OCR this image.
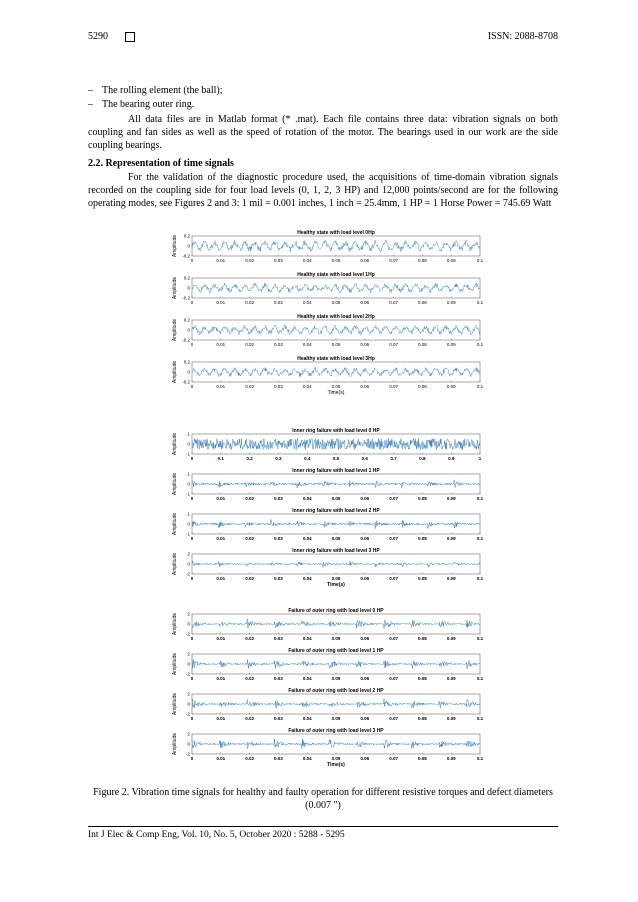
5290	ISSN: 2088-8708
– The rolling element (the ball);
– The bearing outer ring.
All data files are in Matlab format (* .mat). Each file contains three data: vibration signals on both coupling and fan sides as well as the speed of rotation of the motor. The bearings used in our work are the side coupling bearings.
2.2. Representation of time signals
For the validation of the diagnostic procedure used, the acquisitions of time-domain vibration signals recorded on the coupling side for four load levels (0, 1, 2, 3 HP) and 12,000 points/second are for the following operating modes, see Figures 2 and 3: 1 mil = 0.001 inches, 1 inch = 25.4mm, 1 HP = 1 Horse Power = 745.69 Watt
Healthy state with load level 0Hp
Amplitude 0.2
0
-0.2
0	0.01	0.02	0.03	0.04	0.05	0.06	0.07	0.08	0.09	0.1
Healthy state with load level 1Hp
Amplitude 0.2
0
-0.2
0	0.01	0.02	0.03	0.04	0.05	0.06	0.07	0.08	0.09	0.1
Healthy state with load level 2Hp
Amplitude 0.2
0
-0.2
0	0.01	0.02	0.03	0.04	0.05	0.06	0.07	0.08	0.09	0.1
Healthy state with load level 3Hp
Amplitude 0.2
0
-0.2
0	0.01	0.02	0.03	0.04	0.05	0.06	0.07	0.08	0.09	0.1
Time(s)
Inner ring failure with load level 0 HP
Amplitude 1
0
-1
0	0.1	0.2	0.3	0.4	0.5	0.6	0.7	0.8	0.9	1
Inner ring failure with load level 1 HP
Amplitude 1
0
-1
0	0.01	0.02	0.03	0.04	0.05	0.06	0.07	0.08	0.09	0.1
Inner ring failure with load level 2 HP
Amplitude 1
0
-1
0	0.01	0.02	0.03	0.04	0.05	0.06	0.07	0.08	0.09	0.1
Inner ring failure with load level 3 HP
Amplitude 2
0
-2
0	0.01	0.02	0.03	0.04	0.05	0.06	0.07	0.08	0.09	0.1
Time(s)
Failure of outer ring with load level 0 HP
Amplitude 2
0
-2
0	0.01	0.02	0.03	0.04	0.05	0.06	0.07	0.08	0.09	0.1
Failure of outer ring with load level 1 HP
Amplitude 2
0
-2
0	0.01	0.02	0.03	0.04	0.05	0.06	0.07	0.08	0.09	0.1
Failure of outer ring with load level 2 HP
Amplitude 2
0
-2
0	0.01	0.02	0.03	0.04	0.05	0.06	0.07	0.08	0.09	0.1
Failure of outer ring with load level 3 HP
Amplitude 2
0
-2
0	0.01	0.02	0.03	0.04	0.05	0.06	0.07	0.08	0.09	0.1
Time(s)
Figure 2. Vibration time signals for healthy and faulty operation for different resistive torques and defect diameters (0.007 ")
Int J Elec & Comp Eng, Vol. 10, No. 5, October 2020 : 5288 - 5295
